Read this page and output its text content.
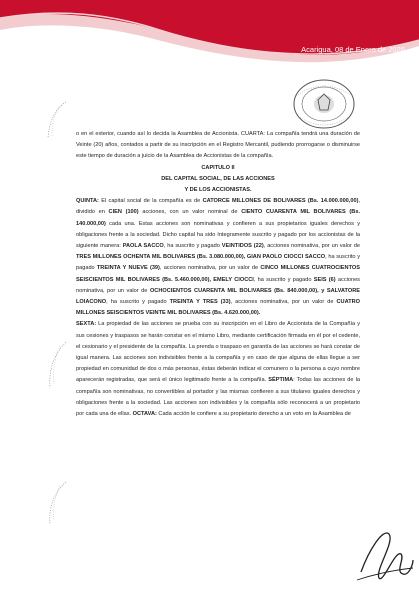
Acarigua, 08 de Enero de 2026

o en el exterior, cuando así lo decida la Asamblea de Accionista. CUARTA: La compañía tendrá una duración de Veinte (20) años, contados a partir de su inscripción en el Registro Mercantil, pudiendo prorrogarse o disminuirse este tiempo de duración a juicio de la Asamblea de Accionistas de la compañía.

CAPITULO II

DEL CAPITAL SOCIAL, DE LAS ACCIONES

Y DE LOS ACCIONISTAS.

QUINTA: El capital social de la compañía es de CATORCE MILLONES DE BOLIVARES (Bs. 14.000.000,00), dividido en CIEN (100) acciones, con un valor nominal de CIENTO CUARENTA MIL BOLIVARES (Bs. 140.000,00) cada una. Estas acciones son nominativas y confieren a sus propietarios iguales derechos y obligaciones frente a la sociedad. Dicho capital ha sido íntegramente suscrito y pagado por los accionistas de la siguiente manera: PAOLA SACCO, ha suscrito y pagado VEINTIDOS (22), acciones nominativa, por un valor de TRES MILLONES OCHENTA MIL BOLIVARES (Bs. 3.080.000,00), GIAN PAOLO CIOCCI SACCO, ha suscrito y pagado TREINTA Y NUEVE (39), acciones nominativa, por un valor de CINCO MILLONES CUATROCIENTOS SEISCIENTOS MIL BOLIVARES (Bs. 5.460.000,00), EMELY CIOCCI, ha suscrito y pagado SEIS (6) acciones nominativa, por un valor de OCHOCIENTOS CUARENTA MIL BOLIVARES (Bs. 840.000,00), y SALVATORE LOIACONO, ha suscrito y pagado TREINTA Y TRES (33), acciones nominativa, por un valor de CUATRO MILLONES SEISCIENTOS VEINTE MIL BOLIVARES (Bs. 4.620.000,00).

SEXTA: La propiedad de las acciones se prueba con su inscripción en el Libro de Accionista de la Compañía y sus cesiones y traspasos se harán constar en el mismo Libro, mediante certificación firmada en él por el cedente, el cesionario y el presidente de la compañía. La prenda o traspaso en garantía de las acciones se hará constar de igual manera. Las acciones son indivisibles frente a la compañía y en caso de que alguna de ellas llegue a ser propiedad en comunidad de dos o más personas, éstas deberán indicar el comunero o la persona a cuyo nombre aparecerán registradas, que será el único legitimado frente a la compañía. SÉPTIMA: Todas las acciones de la compañía son nominativas, no convertibles al portador y las mismas confieren a sus titulares iguales derechos y obligaciones frente a la sociedad. Las acciones son indivisibles y la compañía sólo reconocerá a un propietario por cada una de ellas. OCTAVA: Cada acción le confiere a su propietario derecho a un voto en la Asamblea de
